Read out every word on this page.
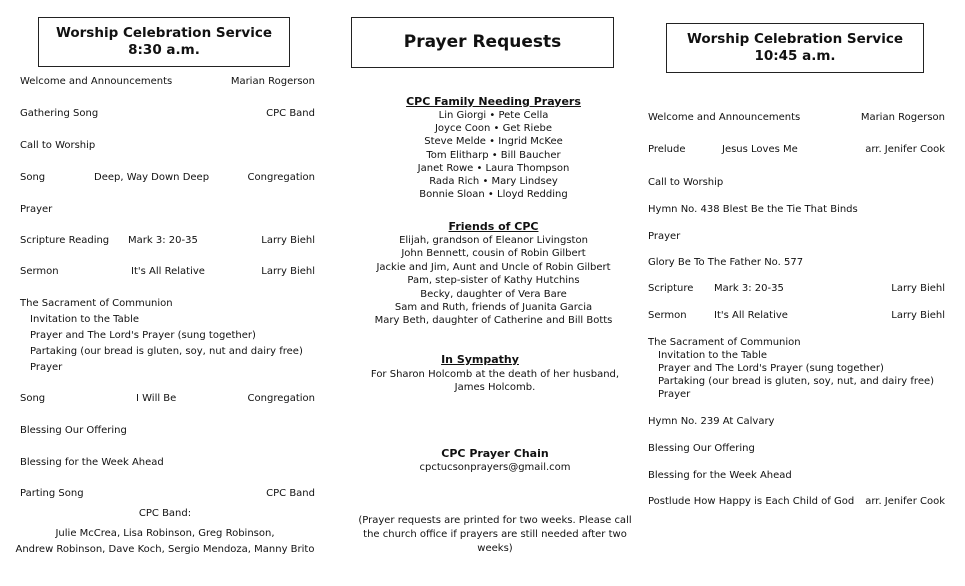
Worship Celebration Service
8:30 a.m.
Welcome and Announcements	Marian Rogerson
Gathering Song	CPC Band
Call to Worship
Song	Deep, Way Down Deep	Congregation
Prayer
Scripture Reading Mark 3: 20-35	Larry Biehl
Sermon	It's All Relative	Larry Biehl
The Sacrament of Communion
Invitation to the Table
Prayer and The Lord's Prayer (sung together)
Partaking (our bread is gluten, soy, nut and dairy free)
Prayer
Song	I Will Be	Congregation
Blessing Our Offering
Blessing for the Week Ahead
Parting Song	CPC Band
CPC Band:
Julie McCrea, Lisa Robinson, Greg Robinson,
Andrew Robinson, Dave Koch, Sergio Mendoza, Manny Brito
Prayer Requests
CPC Family Needing Prayers
Lin Giorgi • Pete Cella
Joyce Coon • Get Riebe
Steve Melde • Ingrid McKee
Tom Elitharp • Bill Baucher
Janet Rowe • Laura Thompson
Rada Rich • Mary Lindsey
Bonnie Sloan • Lloyd Redding
Friends of CPC
Elijah, grandson of Eleanor Livingston
John Bennett, cousin of Robin Gilbert
Jackie and Jim, Aunt and Uncle of Robin Gilbert
Pam, step-sister of Kathy Hutchins
Becky, daughter of Vera Bare
Sam and Ruth, friends of Juanita Garcia
Mary Beth, daughter of Catherine and Bill Botts
In Sympathy
For Sharon Holcomb at the death of her husband,
James Holcomb.
CPC Prayer Chain
cpctucsonprayers@gmail.com
(Prayer requests are printed for two weeks. Please call
the church office if prayers are still needed after two
weeks)
Worship Celebration Service
10:45 a.m.
Welcome and Announcements	Marian Rogerson
Prelude	Jesus Loves Me	arr. Jenifer Cook
Call to Worship
Hymn No. 438 Blest Be the Tie That Binds
Prayer
Glory Be To The Father No. 577
Scripture Mark 3: 20-35	Larry Biehl
Sermon	It's All Relative	Larry Biehl
The Sacrament of Communion
Invitation to the Table
Prayer and The Lord's Prayer (sung together)
Partaking (our bread is gluten, soy, nut, and dairy free)
Prayer
Hymn No. 239 At Calvary
Blessing Our Offering
Blessing for the Week Ahead
Postlude How Happy is Each Child of God arr. Jenifer Cook
